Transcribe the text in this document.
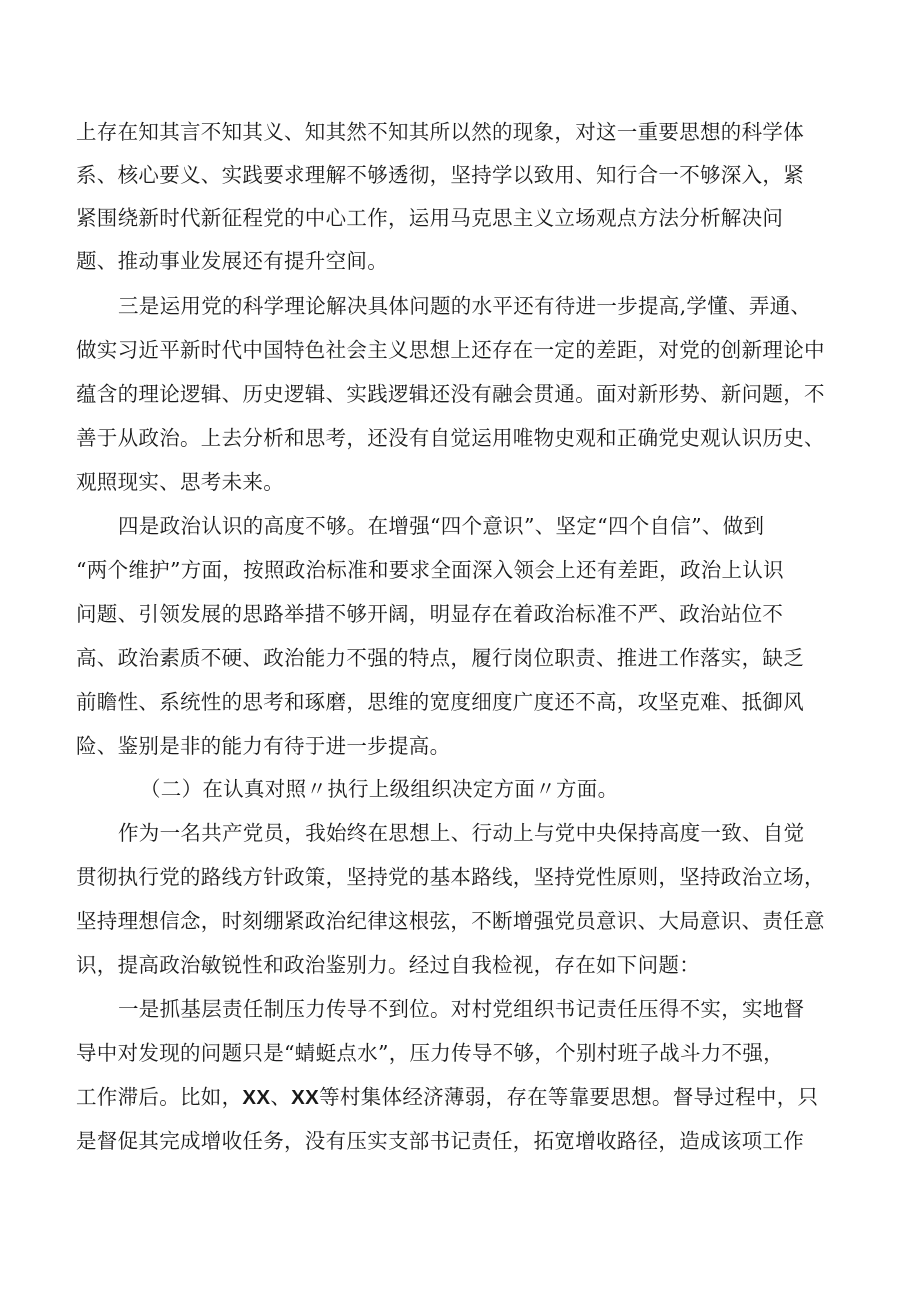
上存在知其言不知其义、知其然不知其所以然的现象，对这一重要思想的科学体
系、核心要义、实践要求理解不够透彻，坚持学以致用、知行合一不够深入，紧
紧围绕新时代新征程党的中心工作，运用马克思主义立场观点方法分析解决问
题、推动事业发展还有提升空间。
三是运用党的科学理论解决具体问题的水平还有待进一步提高,学懂、弄通、
做实习近平新时代中国特色社会主义思想上还存在一定的差距，对党的创新理论中
蕴含的理论逻辑、历史逻辑、实践逻辑还没有融会贯通。面对新形势、新问题，不
善于从政治。上去分析和思考，还没有自觉运用唯物史观和正确党史观认识历史、
观照现实、思考未来。
四是政治认识的高度不够。在增强“四个意识”、坚定“四个自信”、做到
“两个维护”方面，按照政治标准和要求全面深入领会上还有差距，政治上认识
问题、引领发展的思路举措不够开阔，明显存在着政治标准不严、政治站位不
高、政治素质不硬、政治能力不强的特点，履行岗位职责、推进工作落实，缺乏
前瞻性、系统性的思考和琢磨，思维的宽度细度广度还不高，攻坚克难、抵御风
险、鉴别是非的能力有待于进一步提高。
（二）在认真对照〃执行上级组织决定方面〃方面。
作为一名共产党员，我始终在思想上、行动上与党中央保持高度一致、自觉
贯彻执行党的路线方针政策，坚持党的基本路线，坚持党性原则，坚持政治立场，
坚持理想信念，时刻绷紧政治纪律这根弦，不断增强党员意识、大局意识、责任意
识，提高政治敏锐性和政治鉴别力。经过自我检视，存在如下问题：
一是抓基层责任制压力传导不到位。对村党组织书记责任压得不实，实地督
导中对发现的问题只是“蜻蜓点水”，压力传导不够，个别村班子战斗力不强，
工作滞后。比如，XX、XX等村集体经济薄弱，存在等靠要思想。督导过程中，只
是督促其完成增收任务，没有压实支部书记责任，拓宽增收路径，造成该项工作
